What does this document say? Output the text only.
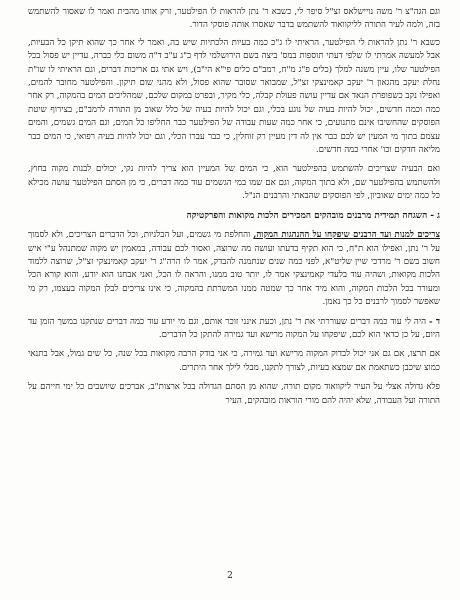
וגם הגה"צ ר' משה נויישלאס זצ"ל סיפר לי, כשבא ר' נתן להראות לו הפילטער, זרק אותו מהבית ואמר לו שאסור להשתמש בזה, ולמה לעיר התורה לליקוואוד להשתמש בדבר שאסרו אותה פוסקי הדור.

כשבא ר' נתן להראות לי הפילטער, הראיתי לו ג"כ כמה בעיות הלכתיות שיש בה, ואמר לי אחר כך שהוא תיקן כל הבעיות, אבל למעשה אמרתי לו שלפי דעתי תוספות במס' ביצה בשם הירושלמי לדף כ"ג ע"ב ד"ה משום כלי כברה, עדיין יש פסול בכל הפילטער שלו, עיין משנה למלך (כלים פ"ג מ"ח, רמב"ם כלים פי"א הי"ב), ויש אתי גם אריכות דברים, וגם הראיתי לו שו"ת נחלת יעקב מהגאון ר' יעקב קאמינצקי זצ"ל, שמבואר שסובר שהוא פסול, ולא מהני שום תיקון. והפילטער מחובר להמים, ואפילו נקב כשפופרת הנאד אם עדיין עושה פעולת קבלה, כלי מקיר, ובפרט במקום שלכם, שמהליכים המים בהמקוה, רק אחר כמה וכמה חדשים, יכול להיות בעיה של נוגע בכלי, וגם יכול להיות בעיה של כלל שאוב מן התורה לרמב"ם, בצירוף שיטת הפוסקים שהחשיבו אינם מתנועים, כי אחר כמה שעות עבודה של הפילטער כבר החליפו כל המים, וגם המים גשמים, והמים עצמם בתוך מי המעין יש לכם כבר אין לה דין מעיין רק זוחלין, כי כבר עברו הכלי, וגם יכול להיות בעיה רפואי, כי המים כבר מליאה חדקים וכו' אחרי כמה חדשים.

ואם הבעיה שצריכים להשתמש בהפילטער הוא, כי המים של המעיין הוא צריך להיות נקי, יכולים לבנות מקוה בחוץ, ולהשתמש בהפילטער שם, ולא בתוך המקוה, וגם אם שמו במי הגשמים עוד כמה דברים, כי מן הסתם הפילטער עושה מכילא כל כמה ימים שאוביון, לפי הפוסקים שהבאתי והרבנים הנ"ל.

ג - השגחה תמידית מרבנים מובהקים המכירים הלכות מקואות והפרקטיקה

צריכים למנות ועד הרבנים שיפקחו על ההנהגות המקוה, והחלפת מי גשמים, ועל הבלניות, וכל הדברים הצריכים, ולא לסמוך על ר' נתן, ואפילו הוא ת"ח, כי הוא תקיף בדעתו ועושה מה שרוצה, ואסור לכם עבודה, במאמין יש מקוה שמתנהל ע"י איש חשוב בשם ר' מרדכי שיין שליט"א, לפני כמה שנים שנתמנה להבדק, אמר לו הרה"ג ר' יעקב קאמינצקי זצ"ל, שרוצה ללמוד הלכות מקואות, ושהיה עוד בלעדי קאמינצקי אמר לו, יותר טוב ממנו, והראה לו הכל, ואני אבחנו הוא יודע, והוא קורא הכל ומעורר בכל הלכות המקוה, והוא מיד אחר כך שמטה ממנו המשרתת בהמקוה, כי אינו צריכים לבלן המקוה בעצמו, רק מי שאפשר לסמוך לרבנים כל כך נאמן.

ד - היה לי עוד כמה דברים שעוררתי את ר' נתן, וכעת אינני זוכר אותם, וגם מי יודע עוד כמה דברים שנתקנו במשך הזמן עד היום, על כן כדאי הוא לכם, שיפקחו על המקוה מרישא ועד גמירה להתקן כל הדברים.

אם תרצו, אם גם אני יכול לבדוק המקוה מרישא ועד גמירה, כי אני בודק הרבה מקואות בכל שנה, כל שים גמול, אבל בתנאי כמוצ שיכבן כשתאמת אם שמצא בעיות, לצורך לתקנו, מבלי לילך אחר היתרים.

פלא גדולה אצלי על העיר ליקוואוד מקום תורה, שהוא מן הסתם הגדולה בכל ארצות"ב, אברכים שיושבים כל ימי חייהם על התורה ועל העבודה, שלא יהיה להם מורי הוראות מובהקים, העיר

2
